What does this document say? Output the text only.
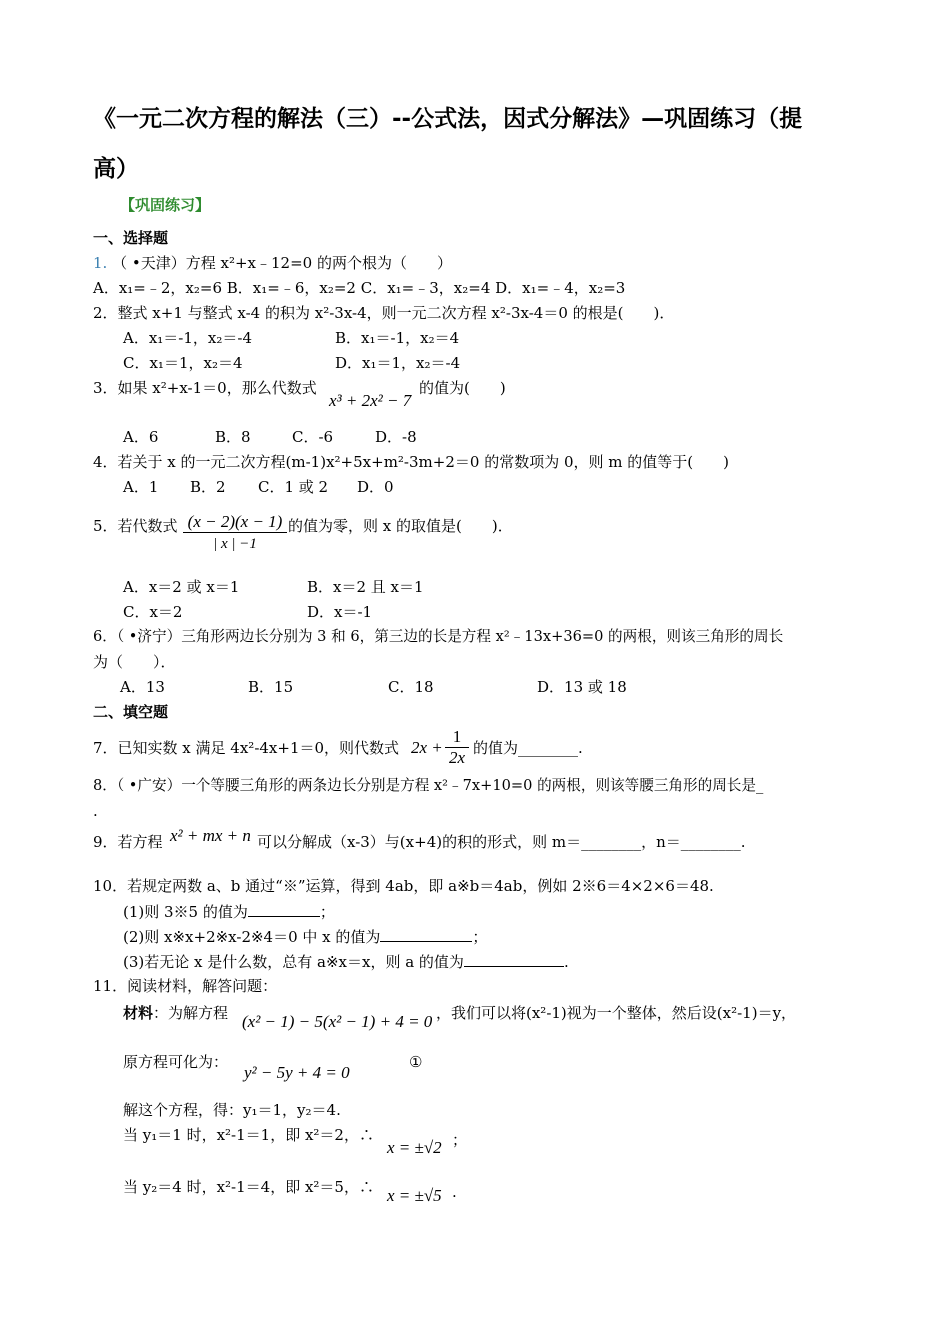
《一元二次方程的解法（三）--公式法，因式分解法》—巩固练习（提
高）
【巩固练习】
一、选择题
1. （ •天津）方程 x²+x﹣12=0 的两个根为（　　）
A．x₁=﹣2，x₂=6 B．x₁=﹣6，x₂=2 C．x₁=﹣3，x₂=4 D．x₁=﹣4，x₂=3
2．整式 x+1 与整式 x-4 的积为 x²-3x-4，则一元二次方程 x²-3x-4＝0 的根是(　　)．
A．x₁＝-1，x₂＝-4	B．x₁＝-1，x₂＝4
C．x₁＝1，x₂＝4	D．x₁＝1，x₂＝-4
3．如果 x²+x-1＝0，那么代数式
x³ + 2x² − 7
的值为(　　)
A．6	B．8	C．-6	D．-8
4．若关于 x 的一元二次方程(m-1)x²+5x+m²-3m+2＝0 的常数项为 0，则 m 的值等于(　　)
A．1 B．2 C．1 或 2 D．0
5．若代数式 $\frac{(x - 2)(x - 1)}{| x | -1}$ 的值为零，则 x 的取值是(　　)．
A．x＝2 或 x＝1	B．x＝2 且 x＝1
C．x＝2	D．x＝-1
6．（ •济宁）三角形两边长分别为 3 和 6，第三边的长是方程 x²﹣13x+36=0 的两根，则该三角形的周长
为（　　）．
A．13	B．15	C．18	D．13 或 18
二、填空题
7．已知实数 x 满足 4x²-4x+1＝0，则代数式 $2x + \frac{1}{2x}$ 的值为________.
8．（ •广安）一个等腰三角形的两条边长分别是方程 x²﹣7x+10=0 的两根，则该等腰三角形的周长是_
.
9．若方程 x² + mx + n 可以分解成（x-3）与(x+4)的积的形式，则 m＝________，n＝________.
10．若规定两数 a、b 通过“※”运算，得到 4ab，即 a※b＝4ab，例如 2※6＝4×2×6＝48.
(1)则 3※5 的值为	；
(2)则 x※x+2※x-2※4＝0 中 x 的值为	；
(3)若无论 x 是什么数，总有 a※x＝x，则 a 的值为	.
11．阅读材料，解答问题：
材料：为解方程 (x² − 1) − 5(x² − 1) + 4 = 0 ，我们可以将(x²-1)视为一个整体，然后设(x²-1)＝y，
原方程可化为：
y² − 5y + 4 = 0
①
解这个方程，得：y₁＝1，y₂＝4.
当 y₁＝1 时，x²-1＝1，即 x²＝2，∴
x = ±√2 ；
当 y₂＝4 时，x²-1＝4，即 x²＝5，∴ x = ±√5 .
